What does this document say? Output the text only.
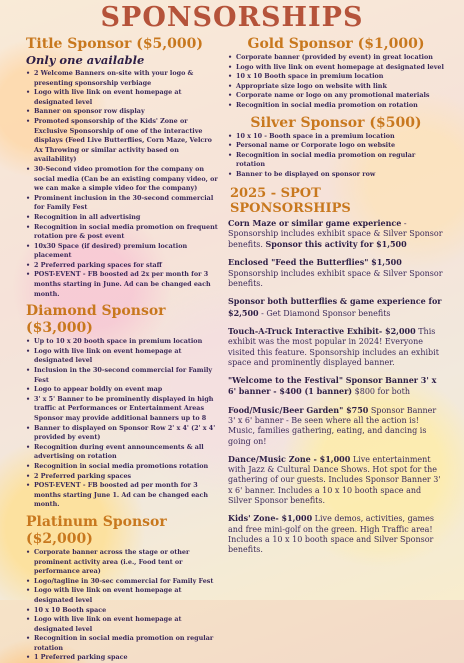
SPONSORSHIPS
Title Sponsor ($5,000)
Only one available
• 2 Welcome Banners on-site with your logo & presenting sponsorship verbiage
• Logo with live link on event homepage at designated level
• Banner on sponsor row display
• Promoted sponsorship of the Kids' Zone or Exclusive Sponsorship of one of the interactive displays (Feed Live Butterflies, Corn Maze, Velcro Ax Throwing or similar activity based on availability)
• 30-Second video promotion for the company on social media (Can be an existing company video, or we can make a simple video for the company)
• Prominent inclusion in the 30-second commercial for Family Fest
• Recognition in all advertising
• Recognition in social media promotion on frequent rotation pre & post event
• 10x30 Space (if desired) premium location placement
• 2 Preferred parking spaces for staff
• POST-EVENT - FB boosted ad 2x per month for 3 months starting in June. Ad can be changed each month.
Diamond Sponsor ($3,000)
• Up to 10 x 20 booth space in premium location
• Logo with live link on event homepage at designated level
• Inclusion in the 30-second commercial for Family Fest
• Logo to appear boldly on event map
• 3' x 5' Banner to be prominently displayed in high traffic at Performances or Entertainment Areas Sponsor may provide additional banners up to 8
• Banner to displayed on Sponsor Row 2' x 4' (2' x 4' provided by event)
• Recognition during event announcements & all advertising on rotation
• Recognition in social media promotions rotation
• 2 Preferred parking spaces
• POST-EVENT - FB boosted ad per month for 3 months starting June 1. Ad can be changed each month.
Platinum Sponsor ($2,000)
• Corporate banner across the stage or other prominent activity area (i.e., Food tent or performance area)
• Logo/tagline in 30-sec commercial for Family Fest
• Logo with live link on event homepage at designated level
• 10 x 10 Booth space
• Logo with live link on event homepage at designated level
• Recognition in social media promotion on regular rotation
• 1 Preferred parking space
Gold Sponsor ($1,000)
• Corporate banner (provided by event) in great location
• Logo with live link on event homepage at designated level
• 10 x 10 Booth space in premium location
• Appropriate size logo on website with link
• Corporate name or logo on any promotional materials
• Recognition in social media promotion on rotation
Silver Sponsor ($500)
• 10 x 10 - Booth space in a premium location
• Personal name or Corporate logo on website
• Recognition in social media promotion on regular rotation
• Banner to be displayed on sponsor row
2025 - SPOT SPONSORSHIPS
Corn Maze or similar game experience - Sponsorship includes exhibit space & Silver Sponsor benefits. Sponsor this activity for $1,500
Enclosed "Feed the Butterflies" $1,500 Sponsorship includes exhibit space & Silver Sponsor benefits.
Sponsor both butterflies & game experience for $2,500 - Get Diamond Sponsor benefits
Touch-A-Truck Interactive Exhibit- $2,000 This exhibit was the most popular in 2024! Everyone visited this feature. Sponsorship includes an exhibit space and prominently displayed banner.
"Welcome to the Festival" Sponsor Banner 3' x 6' banner - $400 (1 banner) $800 for both
Food/Music/Beer Garden" $750 Sponsor Banner 3' x 6' banner - Be seen where all the action is! Music, families gathering, eating, and dancing is going on!
Dance/Music Zone - $1,000 Live entertainment with Jazz & Cultural Dance Shows. Hot spot for the gathering of our guests. Includes Sponsor Banner 3' x 6' banner. Includes a 10 x 10 booth space and Silver Sponsor benefits.
Kids' Zone- $1,000 Live demos, activities, games and free mini-golf on the green. High Traffic area! Includes a 10 x 10 booth space and Silver Sponsor benefits.
